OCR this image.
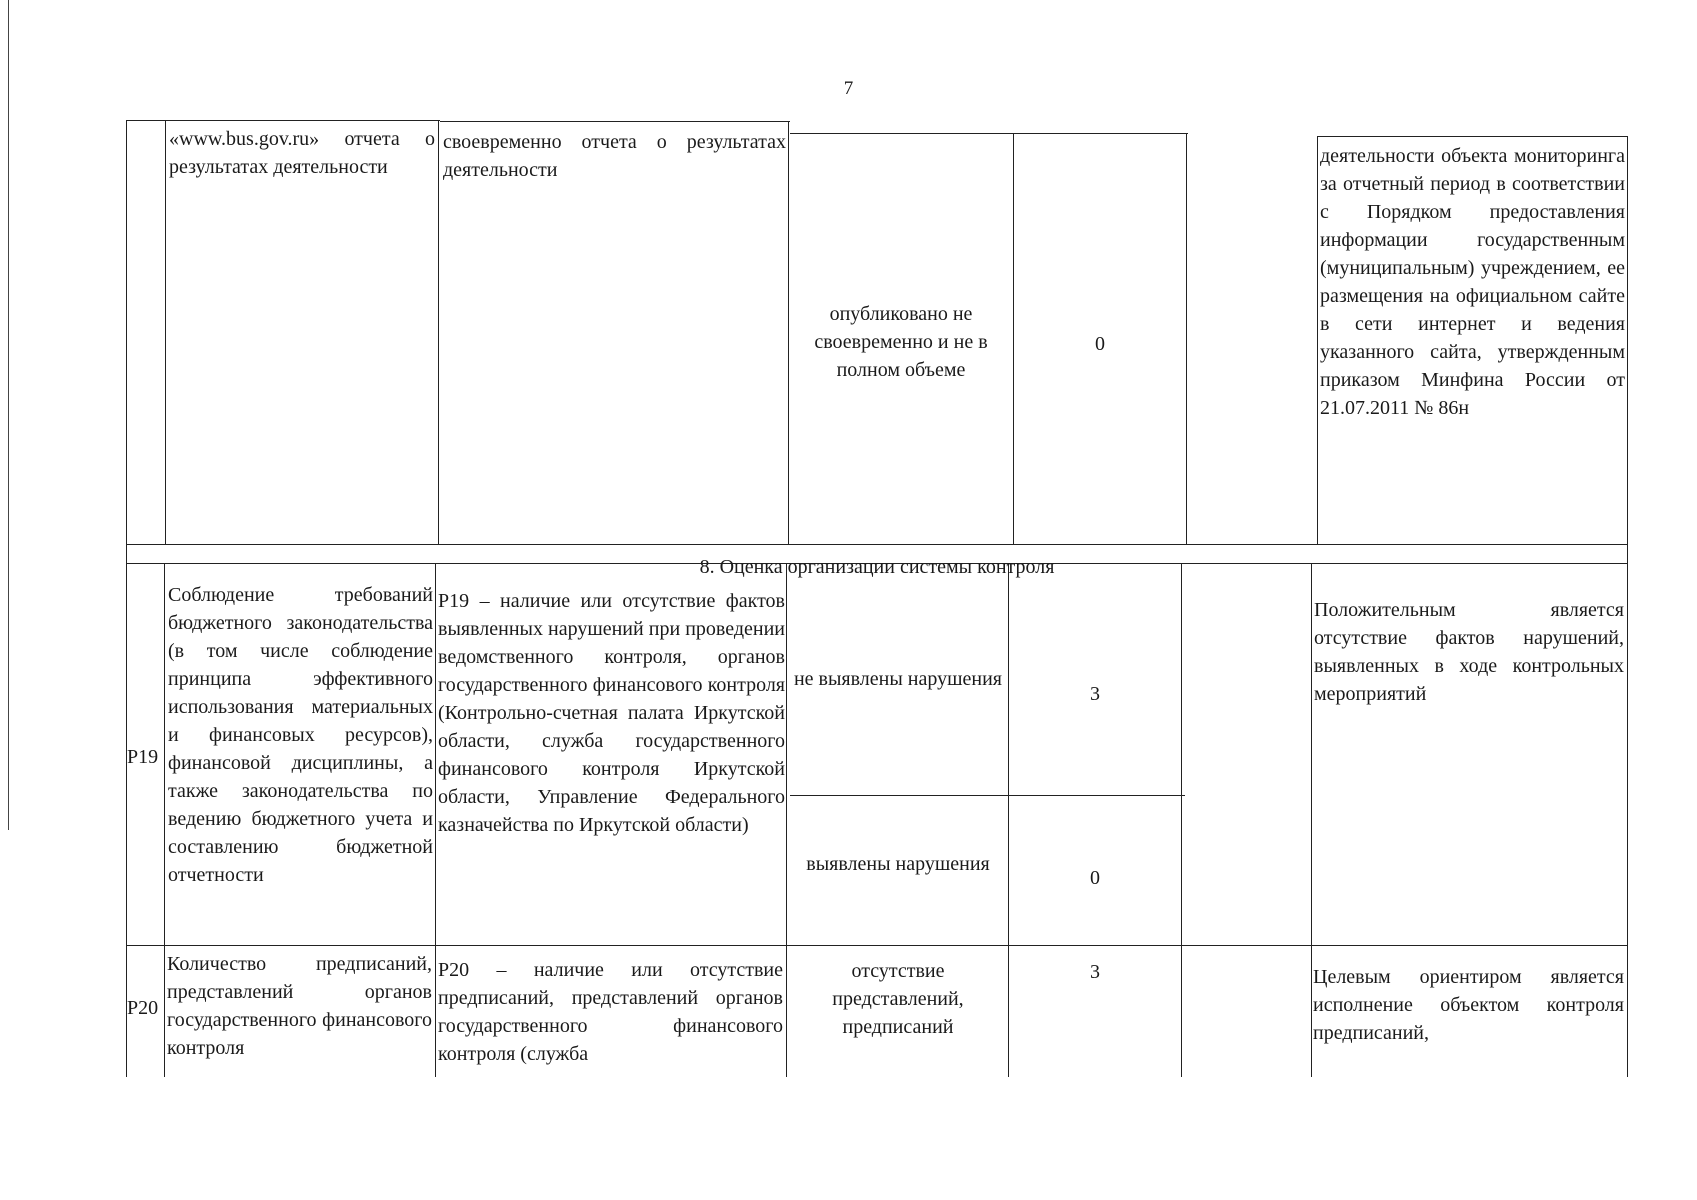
7
«www.bus.gov.ru» отчета о результатах деятельности
своевременно отчета о результатах деятельности
опубликовано не своевременно и не в полном объеме
0
деятельности объекта мониторинга за отчетный период в соответствии с Порядком предоставления информации государственным (муниципальным) учреждением, ее размещения на официальном сайте в сети интернет и ведения указанного сайта, утвержденным приказом Минфина России от 21.07.2011 № 86н
8. Оценка организации системы контроля
P19
Соблюдение требований бюджетного законодательства (в том числе соблюдение принципа эффективного использования материальных и финансовых ресурсов), финансовой дисциплины, а также законодательства по ведению бюджетного учета и составлению бюджетной отчетности
P19 – наличие или отсутствие фактов выявленных нарушений при проведении ведомственного контроля, органов государственного финансового контроля (Контрольно-счетная палата Иркутской области, служба государственного финансового контроля Иркутской области, Управление Федерального казначейства по Иркутской области)
не выявлены нарушения
3
выявлены нарушения
0
Положительным является отсутствие фактов нарушений, выявленных в ходе контрольных мероприятий
P20
Количество предписаний, представлений органов государственного финансового контроля
P20 – наличие или отсутствие предписаний, представлений органов государственного финансового контроля (служба
отсутствие представлений, предписаний
3	Целевым ориентиром является исполнение объектом контроля предписаний,
